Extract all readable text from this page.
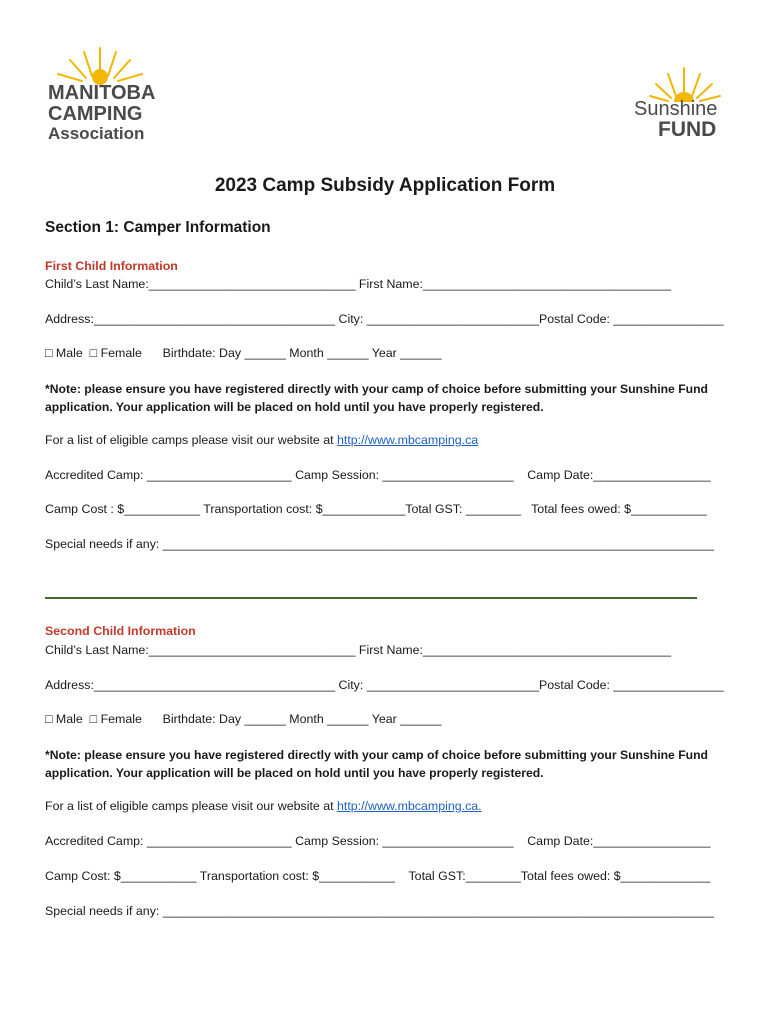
MANITOBA
CAMPING
Association
Sunshine
FUND
2023 Camp Subsidy Application Form
Section 1: Camper Information
First Child Information
Child’s Last Name:______________________________ First Name:____________________________________
Address:___________________________________ City: _________________________Postal Code: ________________
□ Male  □ Female      Birthdate: Day ______ Month ______ Year ______
*Note: please ensure you have registered directly with your camp of choice before submitting your Sunshine Fund application. Your application will be placed on hold until you have properly registered.
For a list of eligible camps please visit our website at http://www.mbcamping.ca
Accredited Camp: _____________________ Camp Session: ___________________    Camp Date:_________________
Camp Cost : $___________ Transportation cost: $____________Total GST: ________   Total fees owed: $___________
Special needs if any: ________________________________________________________________________________
Second Child Information
Child’s Last Name:______________________________ First Name:____________________________________
Address:___________________________________ City: _________________________Postal Code: ________________
□ Male  □ Female      Birthdate: Day ______ Month ______ Year ______
*Note: please ensure you have registered directly with your camp of choice before submitting your Sunshine Fund application. Your application will be placed on hold until you have properly registered.
For a list of eligible camps please visit our website at http://www.mbcamping.ca.
Accredited Camp: _____________________ Camp Session: ___________________    Camp Date:_________________
Camp Cost: $___________ Transportation cost: $___________    Total GST:________Total fees owed: $_____________
Special needs if any: ________________________________________________________________________________
